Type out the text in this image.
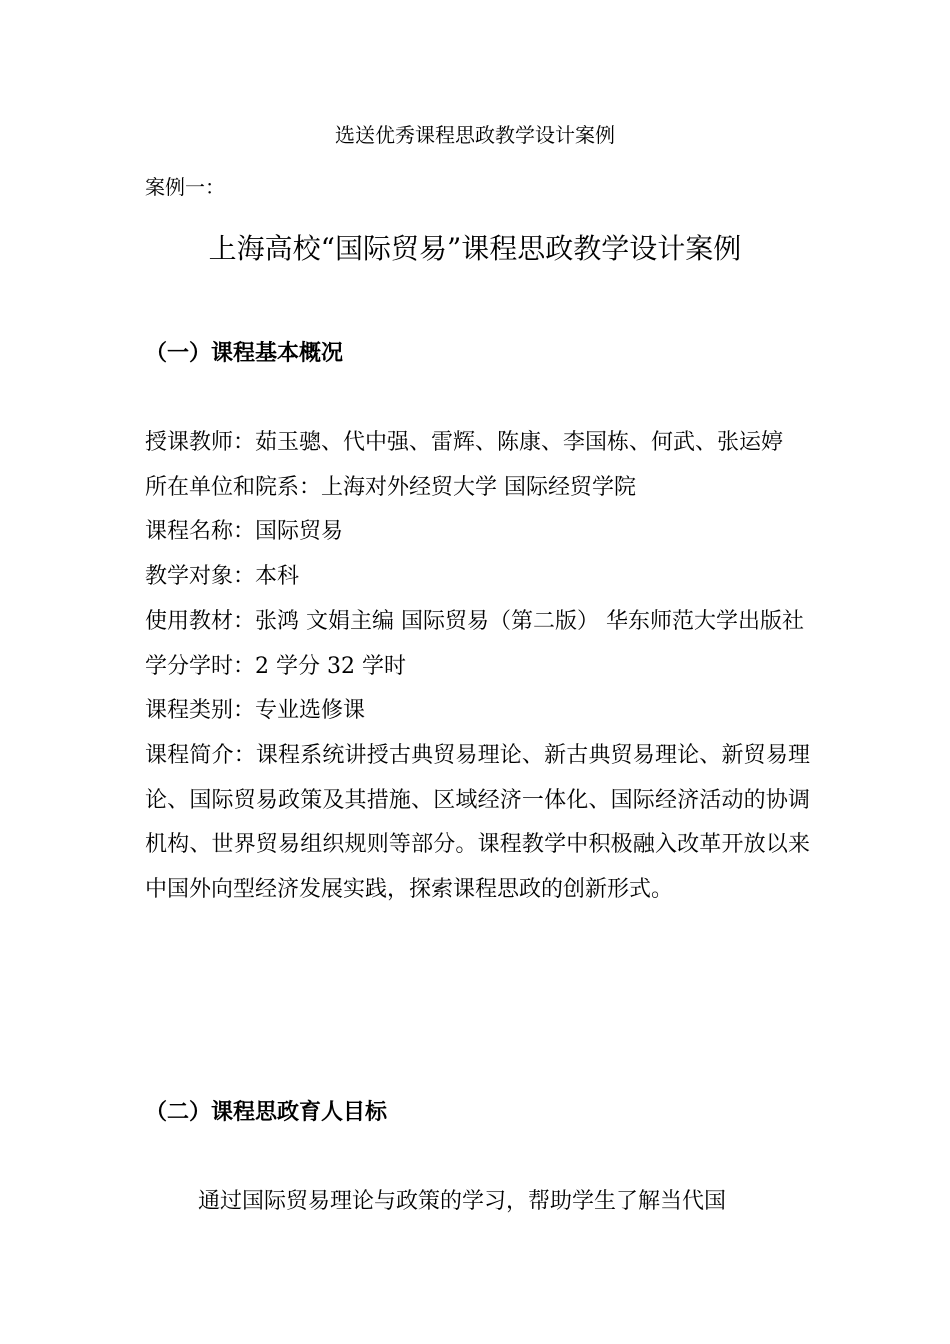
选送优秀课程思政教学设计案例
案例一：
上海高校“国际贸易”课程思政教学设计案例
（一）课程基本概况
授课教师：茹玉骢、代中强、雷辉、陈康、李国栋、何武、张运婷
所在单位和院系：上海对外经贸大学 国际经贸学院
课程名称：国际贸易
教学对象：本科
使用教材：张鸿 文娟主编 国际贸易（第二版） 华东师范大学出版社
学分学时：2 学分 32 学时
课程类别：专业选修课
课程简介：课程系统讲授古典贸易理论、新古典贸易理论、新贸易理论、国际贸易政策及其措施、区域经济一体化、国际经济活动的协调机构、世界贸易组织规则等部分。课程教学中积极融入改革开放以来中国外向型经济发展实践，探索课程思政的创新形式。
（二）课程思政育人目标

通过国际贸易理论与政策的学习，帮助学生了解当代国
